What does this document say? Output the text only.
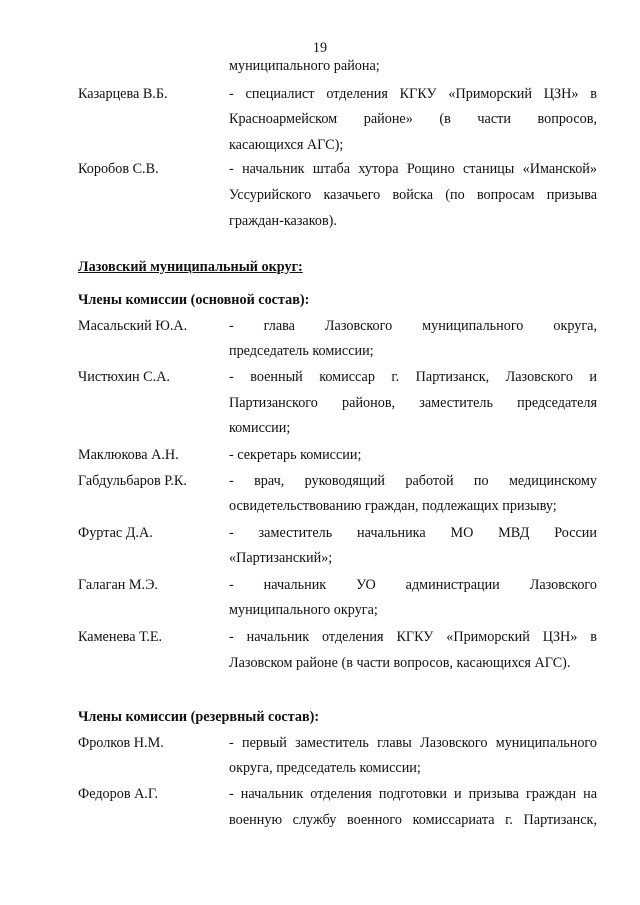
19
муниципального района;
Казарцева В.Б.	- специалист отделения КГКУ «Приморский ЦЗН» в
Красноармейском районе» (в части вопросов,
касающихся АГС);
Коробов С.В.	- начальник штаба хутора Рощино станицы «Иманской»
Уссурийского казачьего войска (по вопросам призыва
граждан-казаков).
Лазовский муниципальный округ:
Члены комиссии (основной состав):
Масальский Ю.А.	- глава Лазовского муниципального округа,
председатель комиссии;
Чистюхин С.А.	- военный комиссар г. Партизанск, Лазовского и
Партизанского районов, заместитель председателя
комиссии;
Маклюкова А.Н.	- секретарь комиссии;
Габдульбаров Р.К.	- врач, руководящий работой по медицинскому
освидетельствованию граждан, подлежащих призыву;
Фуртас Д.А.	- заместитель начальника МО МВД России
«Партизанский»;
Галаган М.Э.	- начальник УО администрации Лазовского
муниципального округа;
Каменева Т.Е.	- начальник отделения КГКУ «Приморский ЦЗН» в
Лазовском районе (в части вопросов, касающихся АГС).
Члены комиссии (резервный состав):
Фролков Н.М.	- первый заместитель главы Лазовского муниципального
округа, председатель комиссии;
Федоров А.Г.	- начальник отделения подготовки и призыва граждан на
военную службу военного комиссариата г. Партизанск,
